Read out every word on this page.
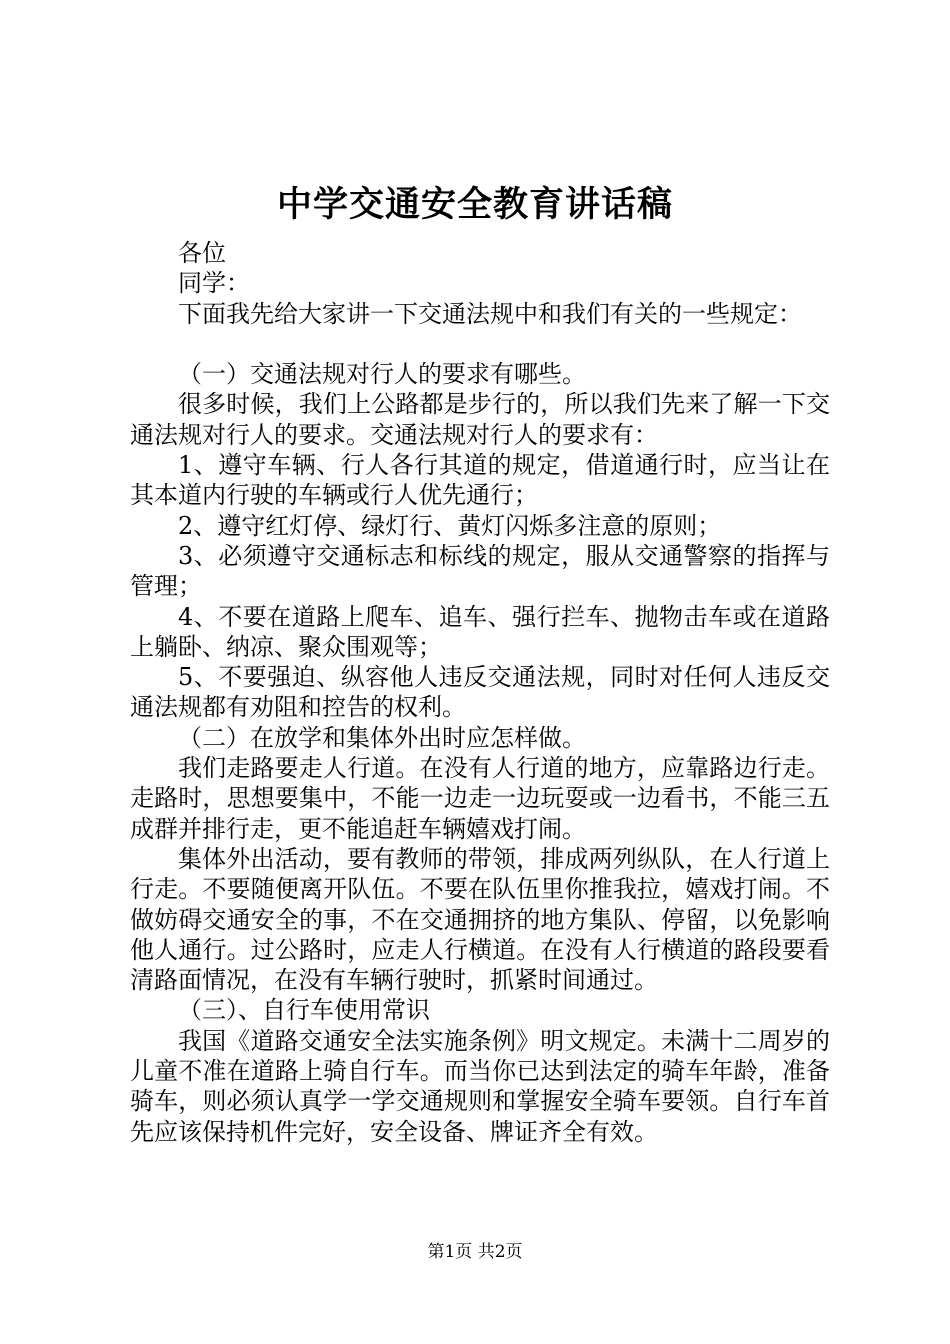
中学交通安全教育讲话稿

各位

同学：

下面我先给大家讲一下交通法规中和我们有关的一些规定：

（一）交通法规对行人的要求有哪些。

很多时候，我们上公路都是步行的，所以我们先来了解一下交通法规对行人的要求。交通法规对行人的要求有：

1、遵守车辆、行人各行其道的规定，借道通行时，应当让在其本道内行驶的车辆或行人优先通行；

2、遵守红灯停、绿灯行、黄灯闪烁多注意的原则；

3、必须遵守交通标志和标线的规定，服从交通警察的指挥与管理；

4、不要在道路上爬车、追车、强行拦车、抛物击车或在道路上躺卧、纳凉、聚众围观等；

5、不要强迫、纵容他人违反交通法规，同时对任何人违反交通法规都有劝阻和控告的权利。

（二）在放学和集体外出时应怎样做。

我们走路要走人行道。在没有人行道的地方，应靠路边行走。走路时，思想要集中，不能一边走一边玩耍或一边看书，不能三五成群并排行走，更不能追赶车辆嬉戏打闹。

集体外出活动，要有教师的带领，排成两列纵队，在人行道上行走。不要随便离开队伍。不要在队伍里你推我拉，嬉戏打闹。不做妨碍交通安全的事，不在交通拥挤的地方集队、停留，以免影响他人通行。过公路时，应走人行横道。在没有人行横道的路段要看清路面情况，在没有车辆行驶时，抓紧时间通过。

（三）、自行车使用常识

我国《道路交通安全法实施条例》明文规定。未满十二周岁的儿童不准在道路上骑自行车。而当你已达到法定的骑车年龄，准备骑车，则必须认真学一学交通规则和掌握安全骑车要领。自行车首先应该保持机件完好，安全设备、牌证齐全有效。

第1页 共2页
